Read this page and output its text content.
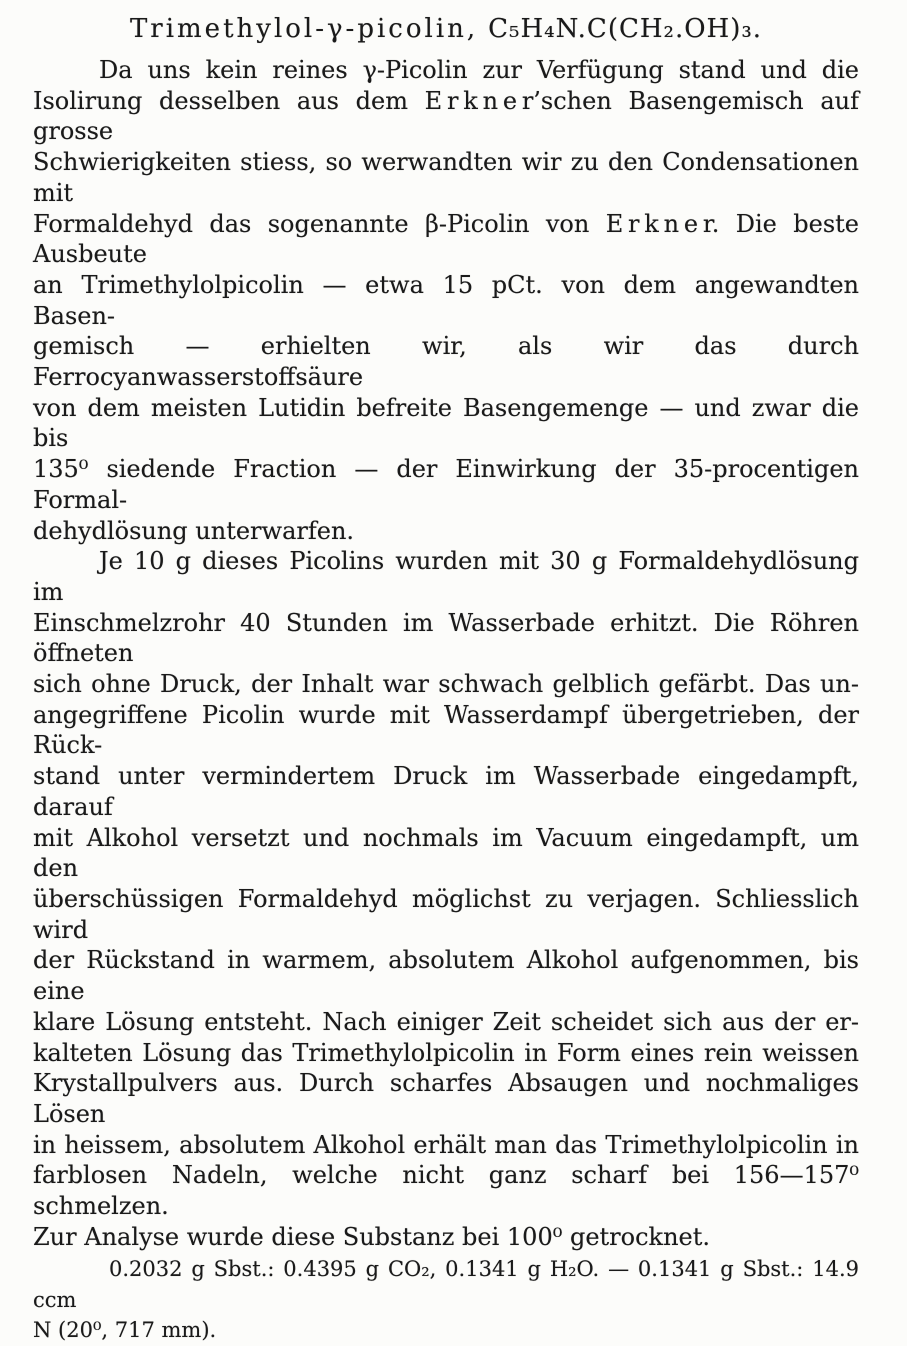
Trimethylol-γ-picolin, C₅H₄N.C(CH₂.OH)₃.
Da uns kein reines γ-Picolin zur Verfügung stand und die
Isolirung desselben aus dem E r k n e r’schen Basengemisch auf grosse
Schwierigkeiten stiess, so werwandten wir zu den Condensationen mit
Formaldehyd das sogenannte β-Picolin von E r k n e r. Die beste Ausbeute
an Trimethylolpicolin — etwa 15 pCt. von dem angewandten Basen-
gemisch — erhielten wir, als wir das durch Ferrocyanwasserstoffsäure
von dem meisten Lutidin befreite Basengemenge — und zwar die bis
135⁰ siedende Fraction — der Einwirkung der 35-procentigen Formal-
dehydlösung unterwarfen.
Je 10 g dieses Picolins wurden mit 30 g Formaldehydlösung im
Einschmelzrohr 40 Stunden im Wasserbade erhitzt. Die Röhren öffneten
sich ohne Druck, der Inhalt war schwach gelblich gefärbt. Das un-
angegriffene Picolin wurde mit Wasserdampf übergetrieben, der Rück-
stand unter vermindertem Druck im Wasserbade eingedampft, darauf
mit Alkohol versetzt und nochmals im Vacuum eingedampft, um den
überschüssigen Formaldehyd möglichst zu verjagen. Schliesslich wird
der Rückstand in warmem, absolutem Alkohol aufgenommen, bis eine
klare Lösung entsteht. Nach einiger Zeit scheidet sich aus der er-
kalteten Lösung das Trimethylolpicolin in Form eines rein weissen
Krystallpulvers aus. Durch scharfes Absaugen und nochmaliges Lösen
in heissem, absolutem Alkohol erhält man das Trimethylolpicolin in
farblosen Nadeln, welche nicht ganz scharf bei 156—157⁰ schmelzen.
Zur Analyse wurde diese Substanz bei 100⁰ getrocknet.
0.2032 g Sbst.: 0.4395 g CO₂, 0.1341 g H₂O. — 0.1341 g Sbst.: 14.9 ccm
N (20⁰, 717 mm).
